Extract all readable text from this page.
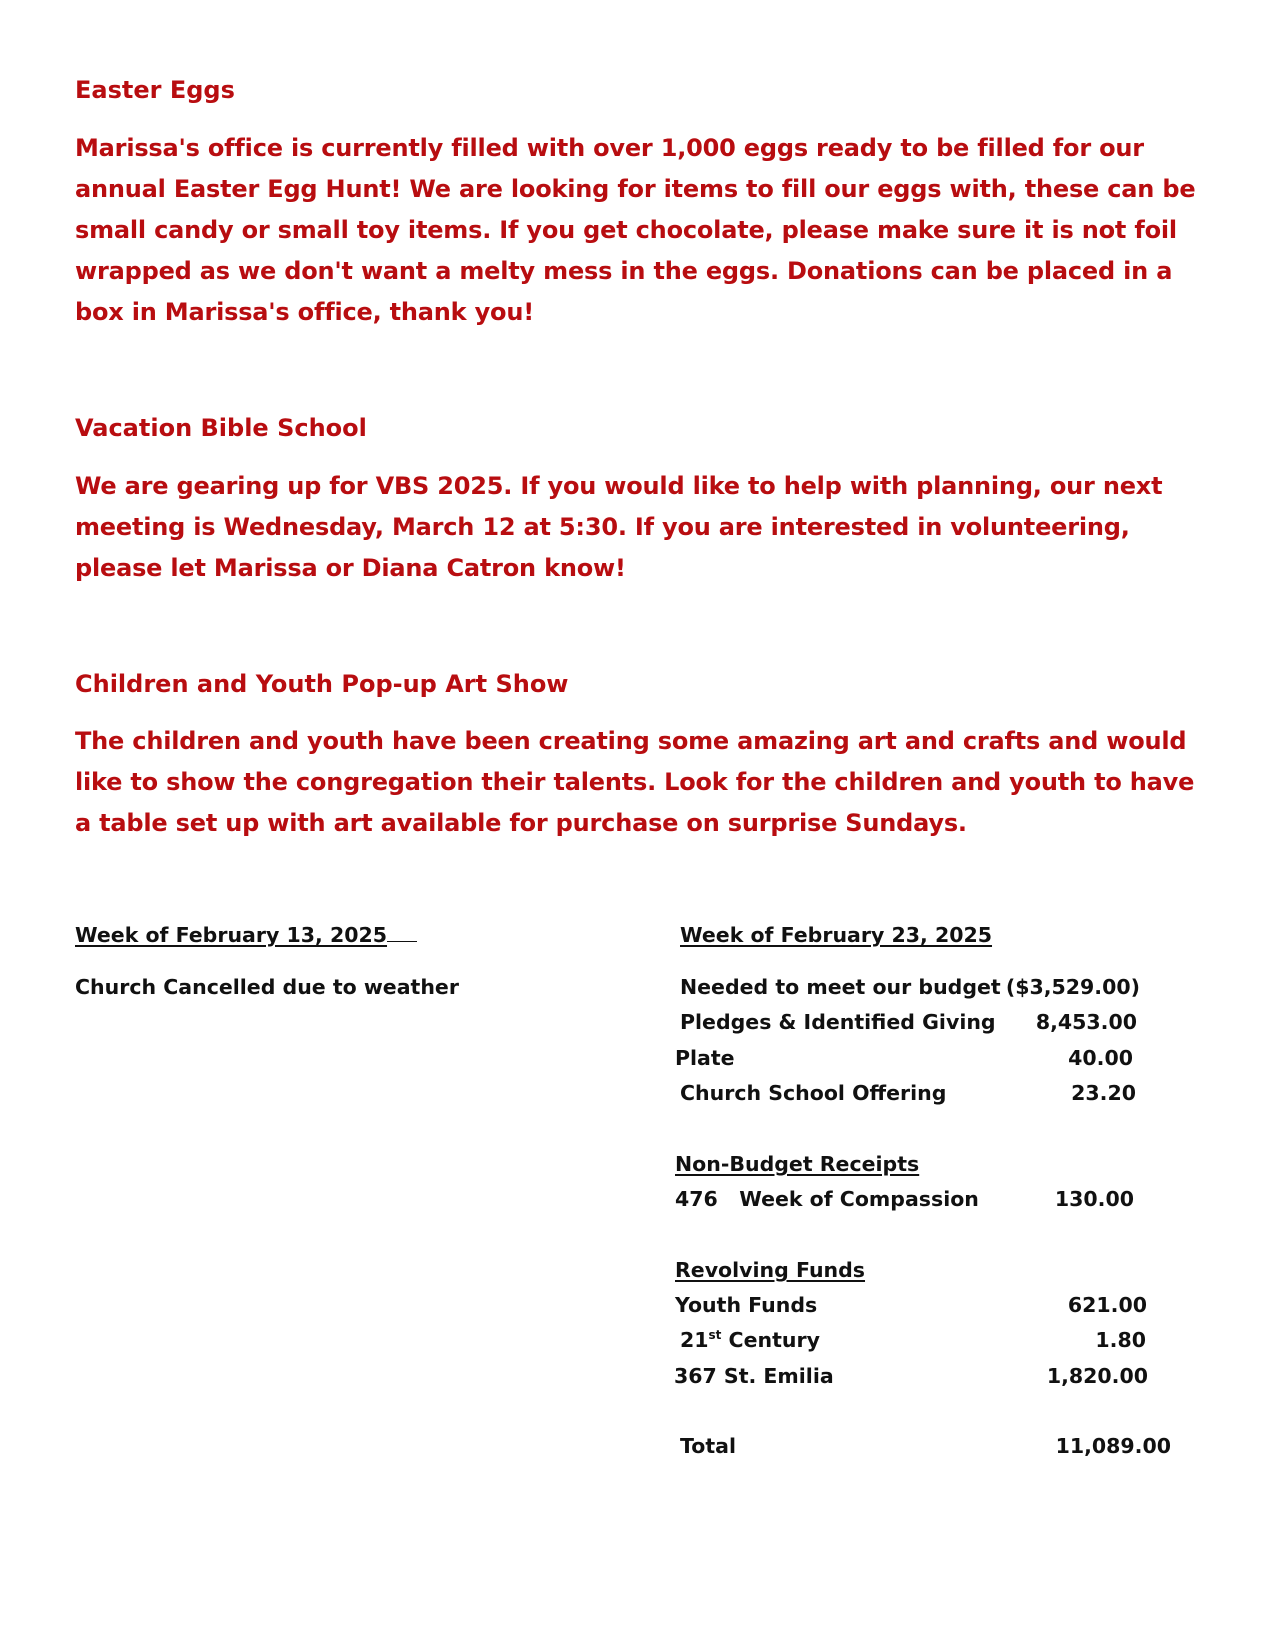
Easter Eggs

Marissa's office is currently filled with over 1,000 eggs ready to be filled for our annual Easter Egg Hunt! We are looking for items to fill our eggs with, these can be small candy or small toy items. If you get chocolate, please make sure it is not foil wrapped as we don't want a melty mess in the eggs. Donations can be placed in a box in Marissa's office, thank you!

Vacation Bible School

We are gearing up for VBS 2025. If you would like to help with planning, our next meeting is Wednesday, March 12 at 5:30. If you are interested in volunteering, please let Marissa or Diana Catron know!

Children and Youth Pop-up Art Show

The children and youth have been creating some amazing art and crafts and would like to show the congregation their talents. Look for the children and youth to have a table set up with art available for purchase on surprise Sundays.

Week of February 13, 2025
Church Cancelled due to weather
Week of February 23, 2025
Needed to meet our budget ($3,529.00)
Pledges & Identified Giving	8,453.00
Plate	40.00
Church School Offering	23.20
Non-Budget Receipts
476   Week of Compassion	130.00
Revolving Funds
Youth Funds	621.00
21st Century	1.80
367 St. Emilia	1,820.00
Total	11,089.00
